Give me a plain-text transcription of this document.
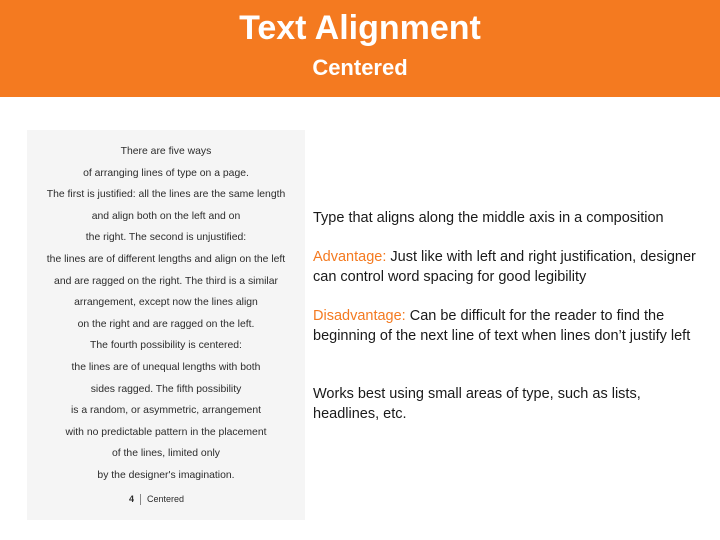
Text Alignment
Centered
There are five ways
of arranging lines of type on a page.
The first is justified: all the lines are the same length
and align both on the left and on
the right. The second is unjustified:
the lines are of different lengths and align on the left
and are ragged on the right. The third is a similar
arrangement, except now the lines align
on the right and are ragged on the left.
The fourth possibility is centered:
the lines are of unequal lengths with both
sides ragged. The fifth possibility
is a random, or asymmetric, arrangement
with no predictable pattern in the placement
of the lines, limited only
by the designer's imagination.
4 Centered
Type that aligns along the middle axis in a composition
Advantage: Just like with left and right justification, designer can control word spacing for good legibility
Disadvantage: Can be difficult for the reader to find the beginning of the next line of text when lines don’t justify left
Works best using small areas of type, such as lists, headlines, etc.
